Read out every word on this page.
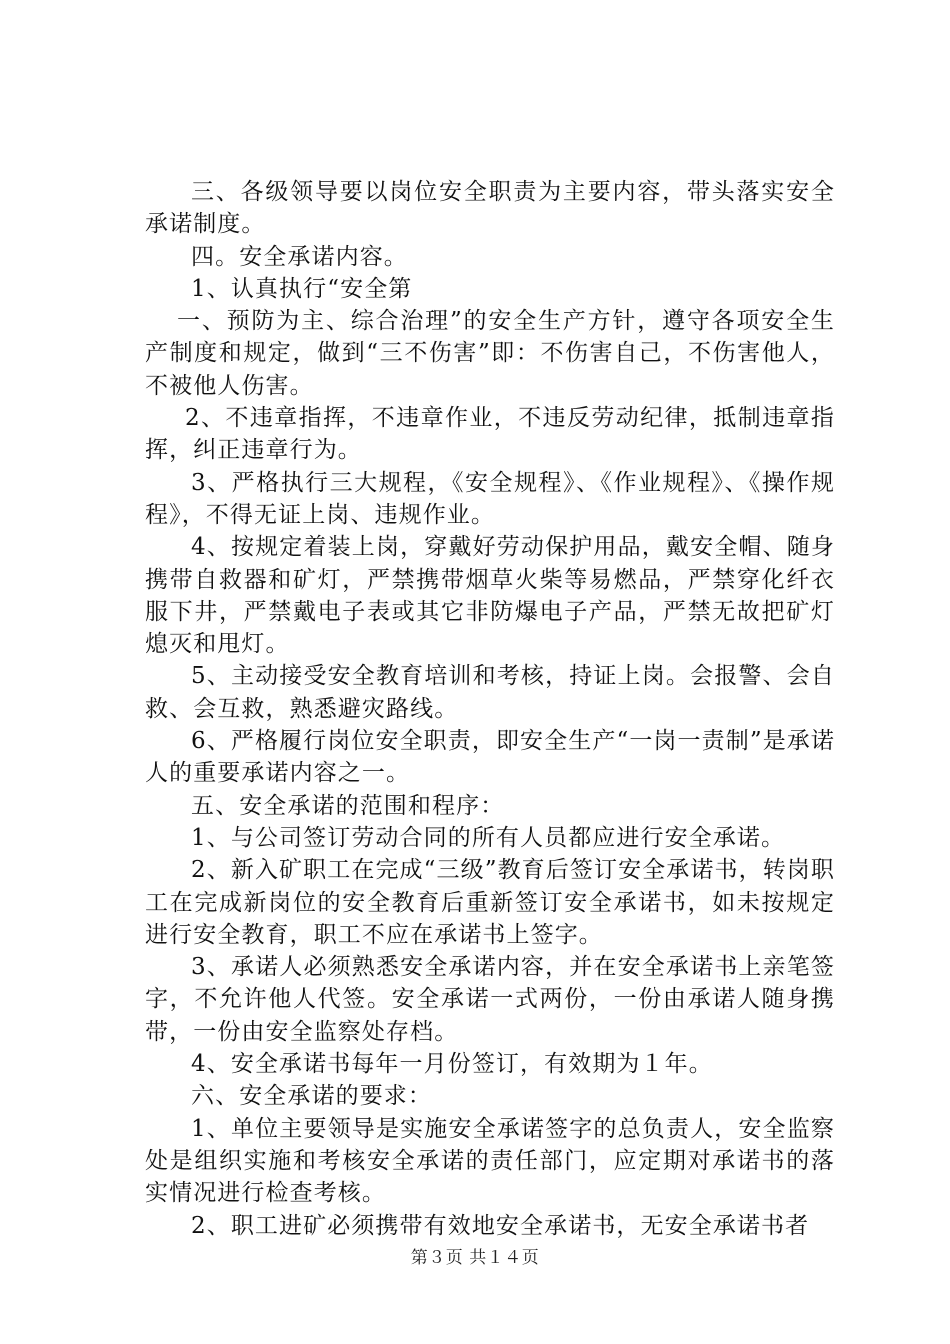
三、各级领导要以岗位安全职责为主要内容，带头落实安全承诺制度。

四。安全承诺内容。

1、认真执行“安全第

一、预防为主、综合治理”的安全生产方针，遵守各项安全生产制度和规定，做到“三不伤害”即：不伤害自己，不伤害他人，不被他人伤害。

2、不违章指挥，不违章作业，不违反劳动纪律，抵制违章指挥，纠正违章行为。

3、严格执行三大规程，《安全规程》、《作业规程》、《操作规程》，不得无证上岗、违规作业。

4、按规定着装上岗，穿戴好劳动保护用品，戴安全帽、随身携带自救器和矿灯，严禁携带烟草火柴等易燃品，严禁穿化纤衣服下井，严禁戴电子表或其它非防爆电子产品，严禁无故把矿灯熄灭和甩灯。

5、主动接受安全教育培训和考核，持证上岗。会报警、会自救、会互救，熟悉避灾路线。

6、严格履行岗位安全职责，即安全生产“一岗一责制”是承诺人的重要承诺内容之一。

五、安全承诺的范围和程序：

1、与公司签订劳动合同的所有人员都应进行安全承诺。

2、新入矿职工在完成“三级”教育后签订安全承诺书，转岗职工在完成新岗位的安全教育后重新签订安全承诺书，如未按规定进行安全教育，职工不应在承诺书上签字。

3、承诺人必须熟悉安全承诺内容，并在安全承诺书上亲笔签字，不允许他人代签。安全承诺一式两份，一份由承诺人随身携带，一份由安全监察处存档。

4、安全承诺书每年一月份签订，有效期为１年。

六、安全承诺的要求：

1、单位主要领导是实施安全承诺签字的总负责人，安全监察处是组织实施和考核安全承诺的责任部门，应定期对承诺书的落实情况进行检查考核。

2、职工进矿必须携带有效地安全承诺书，无安全承诺书者

第３页 共１４页
